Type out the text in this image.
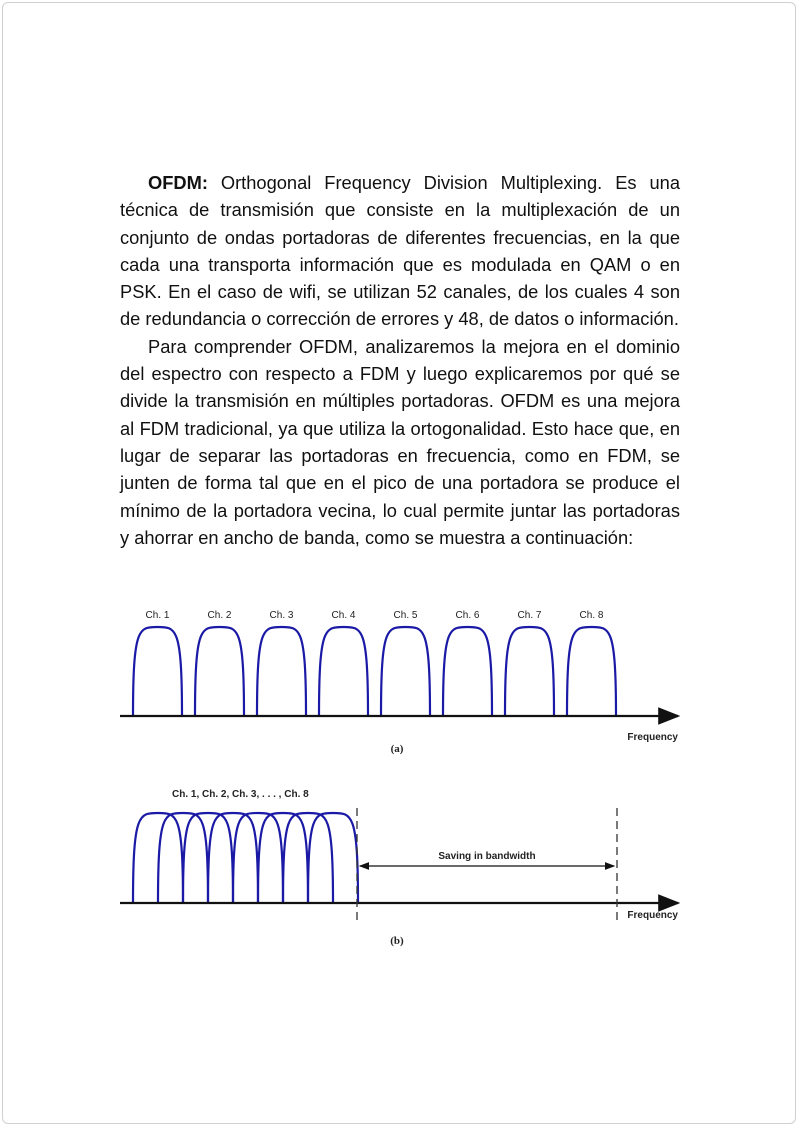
OFDM: Orthogonal Frequency Division Multiplexing. Es una técnica de transmisión que consiste en la multiplexación de un conjunto de ondas portadoras de diferentes frecuencias, en la que cada una transporta información que es modulada en QAM o en PSK. En el caso de wifi, se utilizan 52 canales, de los cuales 4 son de redundancia o corrección de errores y 48, de datos o información.

Para comprender OFDM, analizaremos la mejora en el dominio del espectro con respecto a FDM y luego explicaremos por qué se divide la transmisión en múltiples portadoras. OFDM es una mejora al FDM tradicional, ya que utiliza la ortogonalidad. Esto hace que, en lugar de separar las portadoras en frecuencia, como en FDM, se junten de forma tal que en el pico de una portadora se produce el mínimo de la portadora vecina, lo cual permite juntar las portadoras y ahorrar en ancho de banda, como se muestra a continuación:

Frequency
(a)
Ch. 1	Ch. 2	Ch. 3	Ch. 4	Ch. 5	Ch. 6	Ch. 7	Ch. 8
Ch. 1, Ch. 2, Ch. 3, . . . , Ch. 8
Saving in bandwidth
Frequency
(b)
